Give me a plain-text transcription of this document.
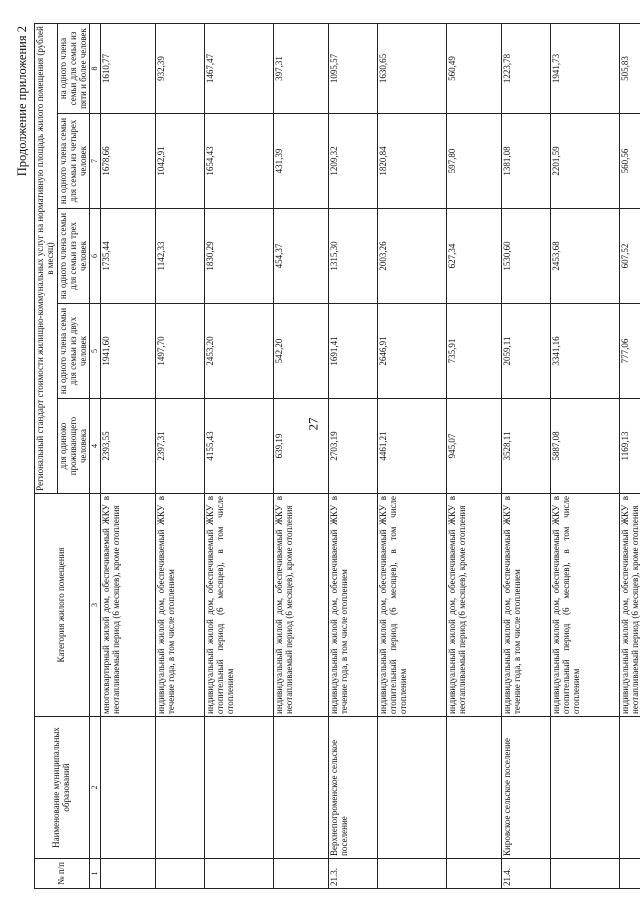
27
Продолжение приложения 2
№ п/п	Наименование муниципальных образований	Категория жилого помещения	Региональный стандарт стоимости жилищно-коммунальных услуг на нормативную площадь жилого помещения (рублей в месяц)				
			для одиноко проживающего человека	на одного члена семьи для семьи из двух человек	на одного члена семьи для семьи из трех человек	на одного члена семьи для семьи из четырех человек	на одного члена семьи для семьи из пяти и более человек
1	2	3	4	5	6	7	8
		многоквартирный жилой дом, обеспечиваемый ЖКУ в неотапливаемый период (6 месяцев), кроме отопления	2393,55	1941,60	1735,44	1678,66	1610,77
		индивидуальный жилой дом, обеспечиваемый ЖКУ в течение года, в том числе отоплением	2397,31	1497,70	1142,33	1042,91	932,39
		индивидуальный жилой дом, обеспечиваемый ЖКУ в отопительный период (6 месяцев), в том числе отоплением	4155,43	2453,20	1830,29	1654,43	1467,47
		индивидуальный жилой дом, обеспечиваемый ЖКУ в неотапливаемый период (6 месяцев), кроме отопления	639,19	542,20	454,37	431,39	397,31
21.3.	Верхнепогроменское сельское поселение	индивидуальный жилой дом, обеспечиваемый ЖКУ в течение года, в том числе отоплением	2703,19	1691,41	1315,30	1209,32	1095,57
		индивидуальный жилой дом, обеспечиваемый ЖКУ в отопительный период (6 месяцев), в том числе отоплением	4461,21	2646,91	2003,26	1820,84	1630,65
		индивидуальный жилой дом, обеспечиваемый ЖКУ в неотапливаемый период (6 месяцев), кроме отопления	945,07	735,91	627,34	597,80	560,49
21.4.	Кировское сельское поселение	индивидуальный жилой дом, обеспечиваемый ЖКУ в течение года, в том числе отоплением	3528,11	2059,11	1530,60	1381,08	1223,78
		индивидуальный жилой дом, обеспечиваемый ЖКУ в отопительный период (6 месяцев), в том числе отоплением	5887,08	3341,16	2453,68	2201,59	1941,73
		индивидуальный жилой дом, обеспечиваемый ЖКУ в неотапливаемый период (6 месяцев), кроме отопления	1169,13	777,06	607,52	560,56	505,83
